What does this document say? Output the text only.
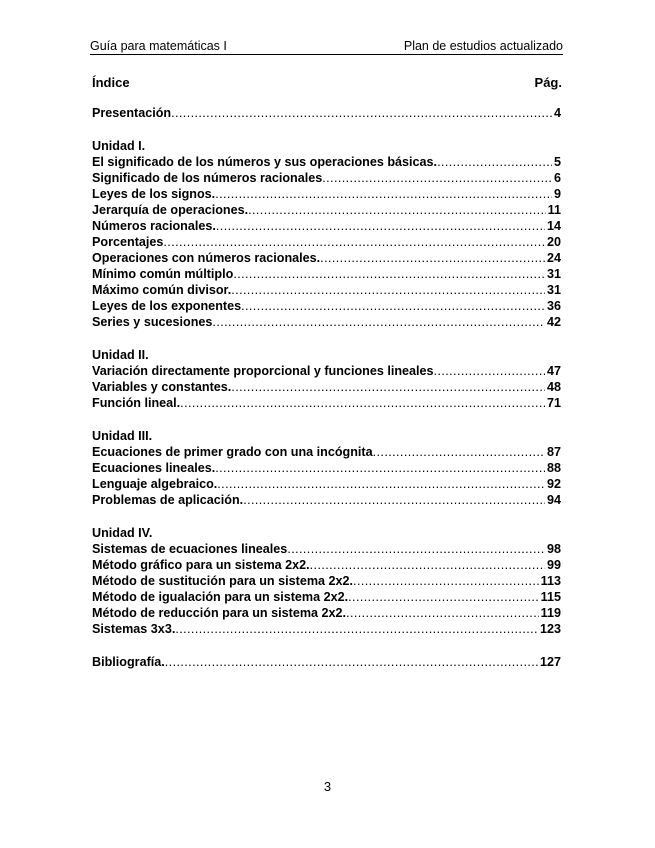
Guía para matemáticas I	Plan de estudios actualizado
Índice	Pág.
Presentación .....	4
Unidad I.
El significado de los números y sus operaciones básicas. .....	5
Significado de los números racionales .....	6
Leyes de los signos. .....	9
Jerarquía de operaciones. .....	11
Números racionales. .....	14
Porcentajes .....	20
Operaciones con números racionales. .....	24
Mínimo común múltiplo .....	31
Máximo común divisor. .....	31
Leyes de los exponentes .....	36
Series y sucesiones .....	42
Unidad II.
Variación directamente proporcional y funciones lineales .....	47
Variables y constantes. .....	48
Función lineal. .....	71
Unidad III.
Ecuaciones de primer grado con una incógnita .....	87
Ecuaciones lineales. .....	88
Lenguaje algebraico. .....	92
Problemas de aplicación. .....	94
Unidad IV.
Sistemas de ecuaciones lineales .....	98
Método gráfico para un sistema 2x2. .....	99
Método de sustitución para un sistema 2x2. .....	113
Método de igualación para un sistema 2x2. .....	115
Método de reducción para un sistema 2x2. .....	119
Sistemas 3x3. .....	123
Bibliografía. .....	127
3
